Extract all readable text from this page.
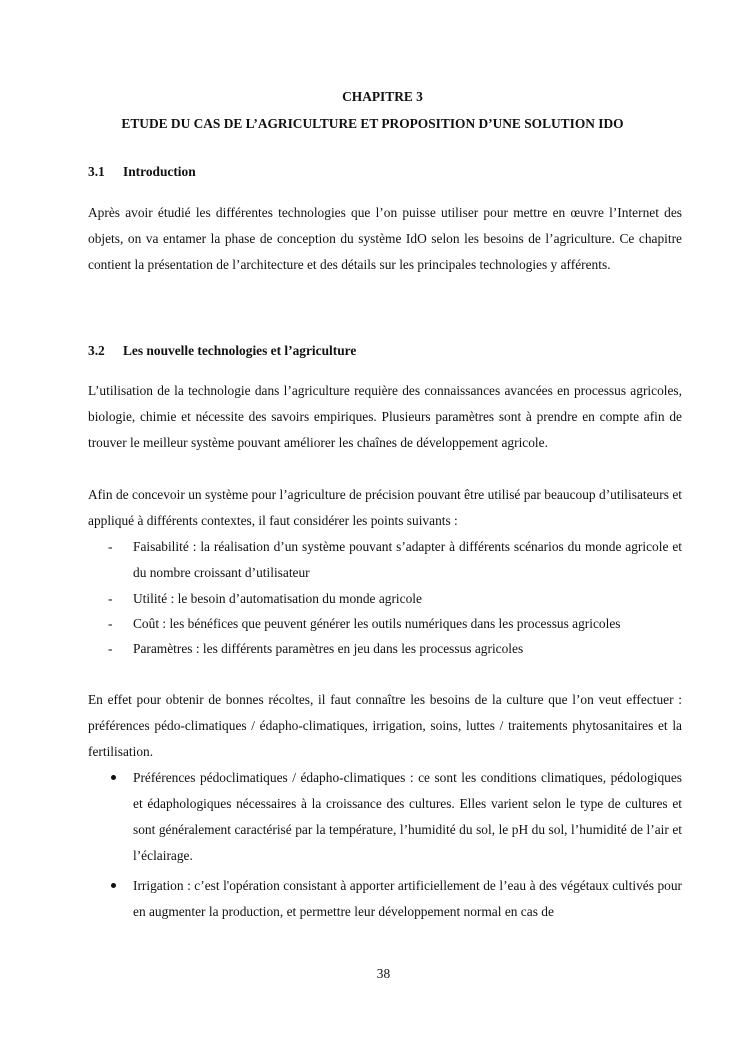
CHAPITRE 3
ETUDE DU CAS DE L’AGRICULTURE ET PROPOSITION D’UNE SOLUTION IDO
3.1 Introduction

Après avoir étudié les différentes technologies que l’on puisse utiliser pour mettre en œuvre l’Internet des objets, on va entamer la phase de conception du système IdO selon les besoins de l’agriculture. Ce chapitre contient la présentation de l’architecture et des détails sur les principales technologies y afférents.

3.2 Les nouvelle technologies et l’agriculture

L’utilisation de la technologie dans l’agriculture requière des connaissances avancées en processus agricoles, biologie, chimie et nécessite des savoirs empiriques. Plusieurs paramètres sont à prendre en compte afin de trouver le meilleur système pouvant améliorer les chaînes de développement agricole.

Afin de concevoir un système pour l’agriculture de précision pouvant être utilisé par beaucoup d’utilisateurs et appliqué à différents contextes, il faut considérer les points suivants :

- Faisabilité : la réalisation d’un système pouvant s’adapter à différents scénarios du monde agricole et du nombre croissant d’utilisateur
- Utilité : le besoin d’automatisation du monde agricole
- Coût : les bénéfices que peuvent générer les outils numériques dans les processus agricoles
- Paramètres : les différents paramètres en jeu dans les processus agricoles

En effet pour obtenir de bonnes récoltes, il faut connaître les besoins de la culture que l’on veut effectuer : préférences pédo-climatiques / édapho-climatiques, irrigation, soins, luttes / traitements phytosanitaires et la fertilisation.

Préférences pédoclimatiques / édapho-climatiques : ce sont les conditions climatiques, pédologiques et édaphologiques nécessaires à la croissance des cultures. Elles varient selon le type de cultures et sont généralement caractérisé par la température, l’humidité du sol, le pH du sol, l’humidité de l’air et l’éclairage.
Irrigation : c’est l'opération consistant à apporter artificiellement de l’eau à des végétaux cultivés pour en augmenter la production, et permettre leur développement normal en cas de
38
